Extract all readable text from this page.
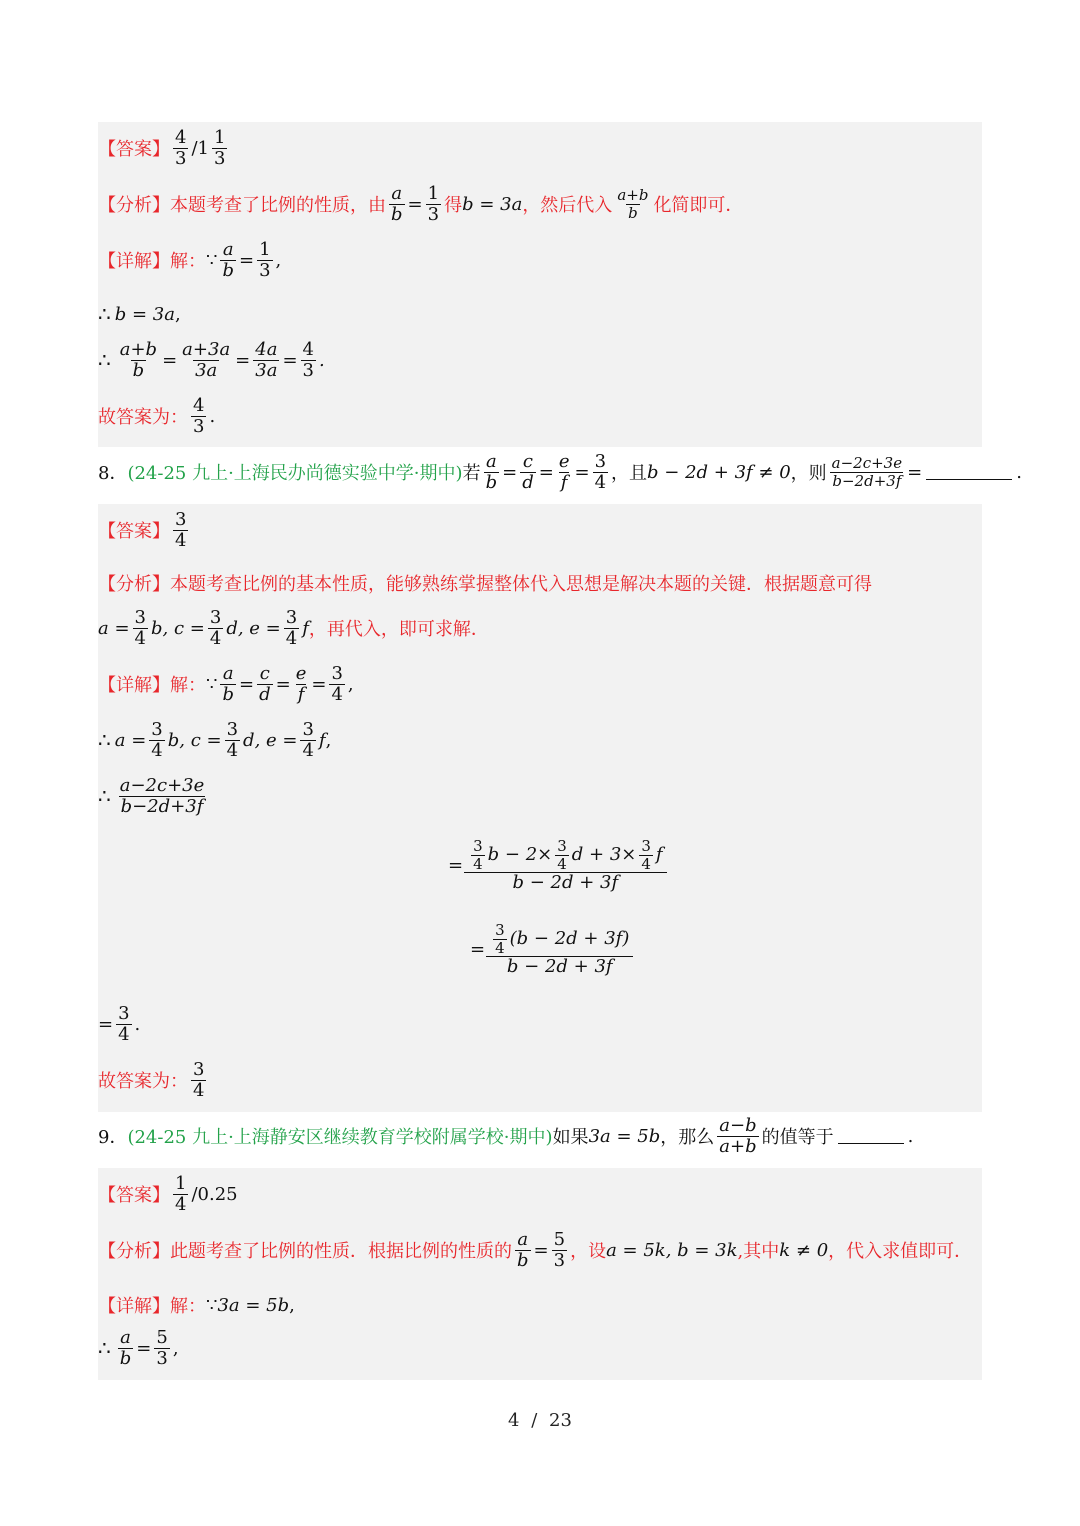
【答案】 $\frac{4}{3} /1 \frac{1}{3}$
【分析】 本题考查了比例的性质，由 $\frac{a}{b} = \frac{1}{3}$ 得 b = 3a ，然后代入 $\frac{a+b}{b}$ 化简即可．
【详解】 解： ∵ $\frac{a}{b} = \frac{1}{3}$ ,
∴ b = 3a ,
∴ $\frac{a+b}{b} = \frac{a+3a}{3a} = \frac{4a}{3a} = \frac{4}{3}$ .
故答案为： $\frac{4}{3}$ .
8． (24-25 九上·上海民办尚德实验中学·期中) 若 $\frac{a}{b} = \frac{c}{d} = \frac{e}{f} = \frac{3}{4}$ ，且 b − 2d + 3f ≠ 0 ，则 $\frac{a-2c+3e}{b-2d+3f}$ =	.
【答案】 $\frac{3}{4}$
【分析】 本题考查比例的基本性质，能够熟练掌握整体代入思想是解决本题的关键．根据题意可得
$a = \frac{3}{4} b$, $c = \frac{3}{4} d$, $e = \frac{3}{4}$ f ，再代入，即可求解．
【详解】 解： ∵ $\frac{a}{b} = \frac{c}{d} = \frac{e}{f} = \frac{3}{4}$ ,
∴ $a = \frac{3}{4} b$, $c = \frac{3}{4} d$, $e = \frac{3}{4}$ f ,
∴ $\frac{a-2c+3e}{b-2d+3f}$
= $\frac{\frac{3}{4} b - 2\times \frac{3}{4} d + 3\times \frac{3}{4} f}{b - 2d + 3f}$
= $\frac{\frac{3}{4} (b - 2d + 3f)}{b - 2d + 3f}$
= $\frac{3}{4}$ .
故答案为： $\frac{3}{4}$
9． (24-25 九上·上海静安区继续教育学校附属学校·期中) 如果 3a = 5b ，那么 $\frac{a-b}{a+b}$ 的值等于	.
【答案】 $\frac{1}{4} /0.25$
【分析】 此题考查了比例的性质．根据比例的性质的 $\frac{a}{b} = \frac{5}{3}$ ，设 a = 5k, b = 3k ,其中 k ≠ 0 ，代入求值即可．
【详解】 解： ∵ 3a = 5b ,
∴ $\frac{a}{b} = \frac{5}{3}$ ,
4 / 23
